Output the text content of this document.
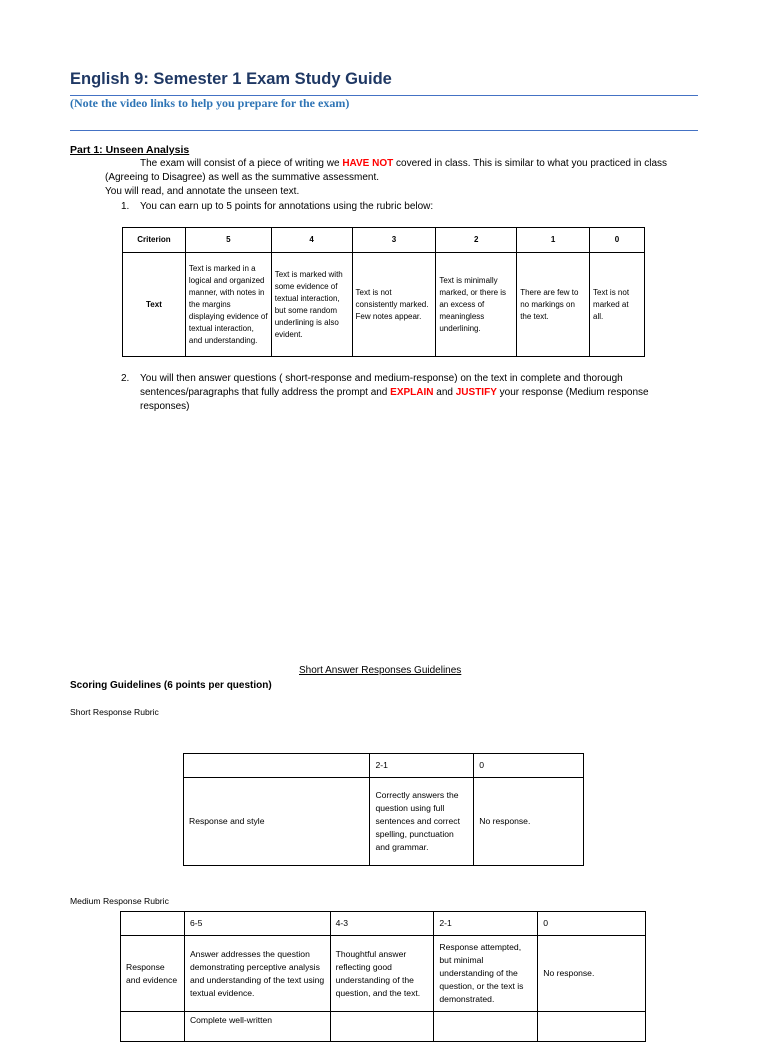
English 9: Semester 1 Exam Study Guide
(Note the video links to help you prepare for the exam)
Part 1: Unseen Analysis
The exam will consist of a piece of writing we HAVE NOT covered in class. This is similar to what you practiced in class
(Agreeing to Disagree) as well as the summative assessment.
You will read, and annotate the unseen text.
1. You can earn up to 5 points for annotations using the rubric below:
Criterion	5	4	3	2	1	0
Text	Text is marked in a logical and organized manner, with notes in the margins displaying evidence of textual interaction, and understanding.	Text is marked with some evidence of textual interaction, but some random underlining is also evident.	Text is not consistently marked. Few notes appear.	Text is minimally marked, or there is an excess of meaningless underlining.	There are few to no markings on the text.	Text is not marked at all.
2. You will then answer questions ( short-response and medium-response) on the text in complete and thorough
sentences/paragraphs that fully address the prompt and EXPLAIN and JUSTIFY your response (Medium response
responses)
Short Answer Responses Guidelines
Scoring Guidelines (6 points per question)
Short Response Rubric
	2-1	0
Response and style	Correctly answers the question using full sentences and correct spelling, punctuation and grammar.	No response.
Medium Response Rubric
	6-5	4-3	2-1	0
Response and evidence	Answer addresses the question demonstrating perceptive analysis and understanding of the text using textual evidence.	Thoughtful answer reflecting good understanding of the question, and the text.	Response attempted, but minimal understanding of the question, or the text is demonstrated.	No response.
	Complete well-written			
